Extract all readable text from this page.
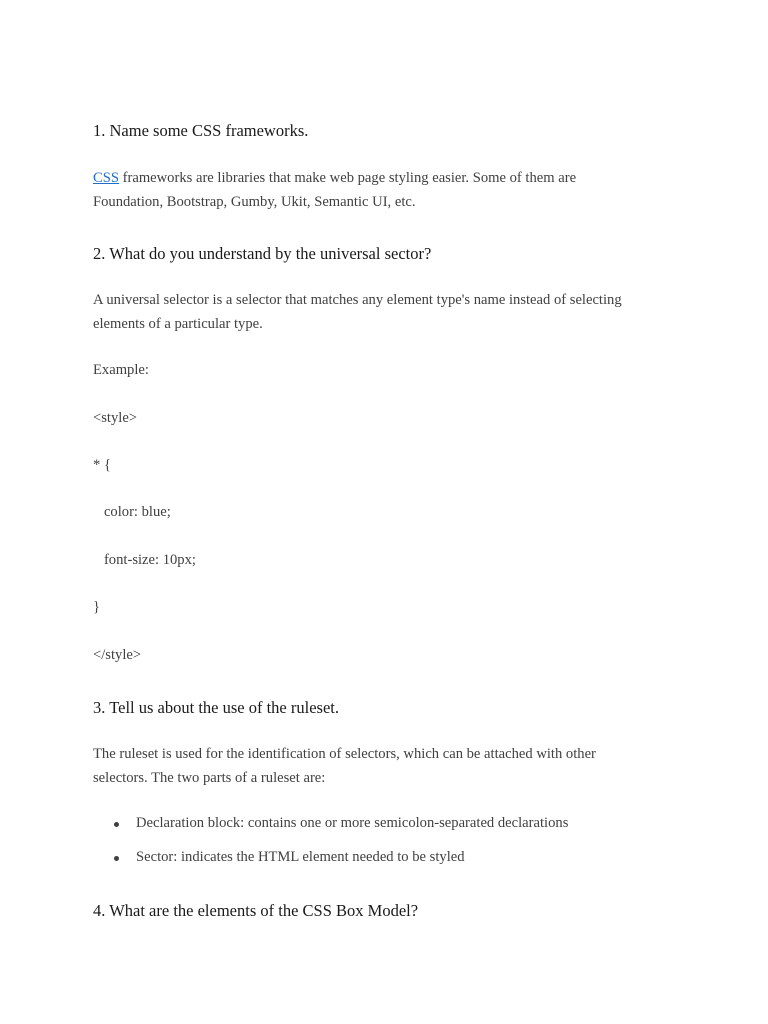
1. Name some CSS frameworks.

CSS frameworks are libraries that make web page styling easier. Some of them are
Foundation, Bootstrap, Gumby, Ukit, Semantic UI, etc.

2. What do you understand by the universal sector?

A universal selector is a selector that matches any element type's name instead of selecting
elements of a particular type.

Example:

<style>

* {

color: blue;

font-size: 10px;

}

</style>

3. Tell us about the use of the ruleset.

The ruleset is used for the identification of selectors, which can be attached with other
selectors. The two parts of a ruleset are:

Declaration block: contains one or more semicolon-separated declarations
Sector: indicates the HTML element needed to be styled
4. What are the elements of the CSS Box Model?
